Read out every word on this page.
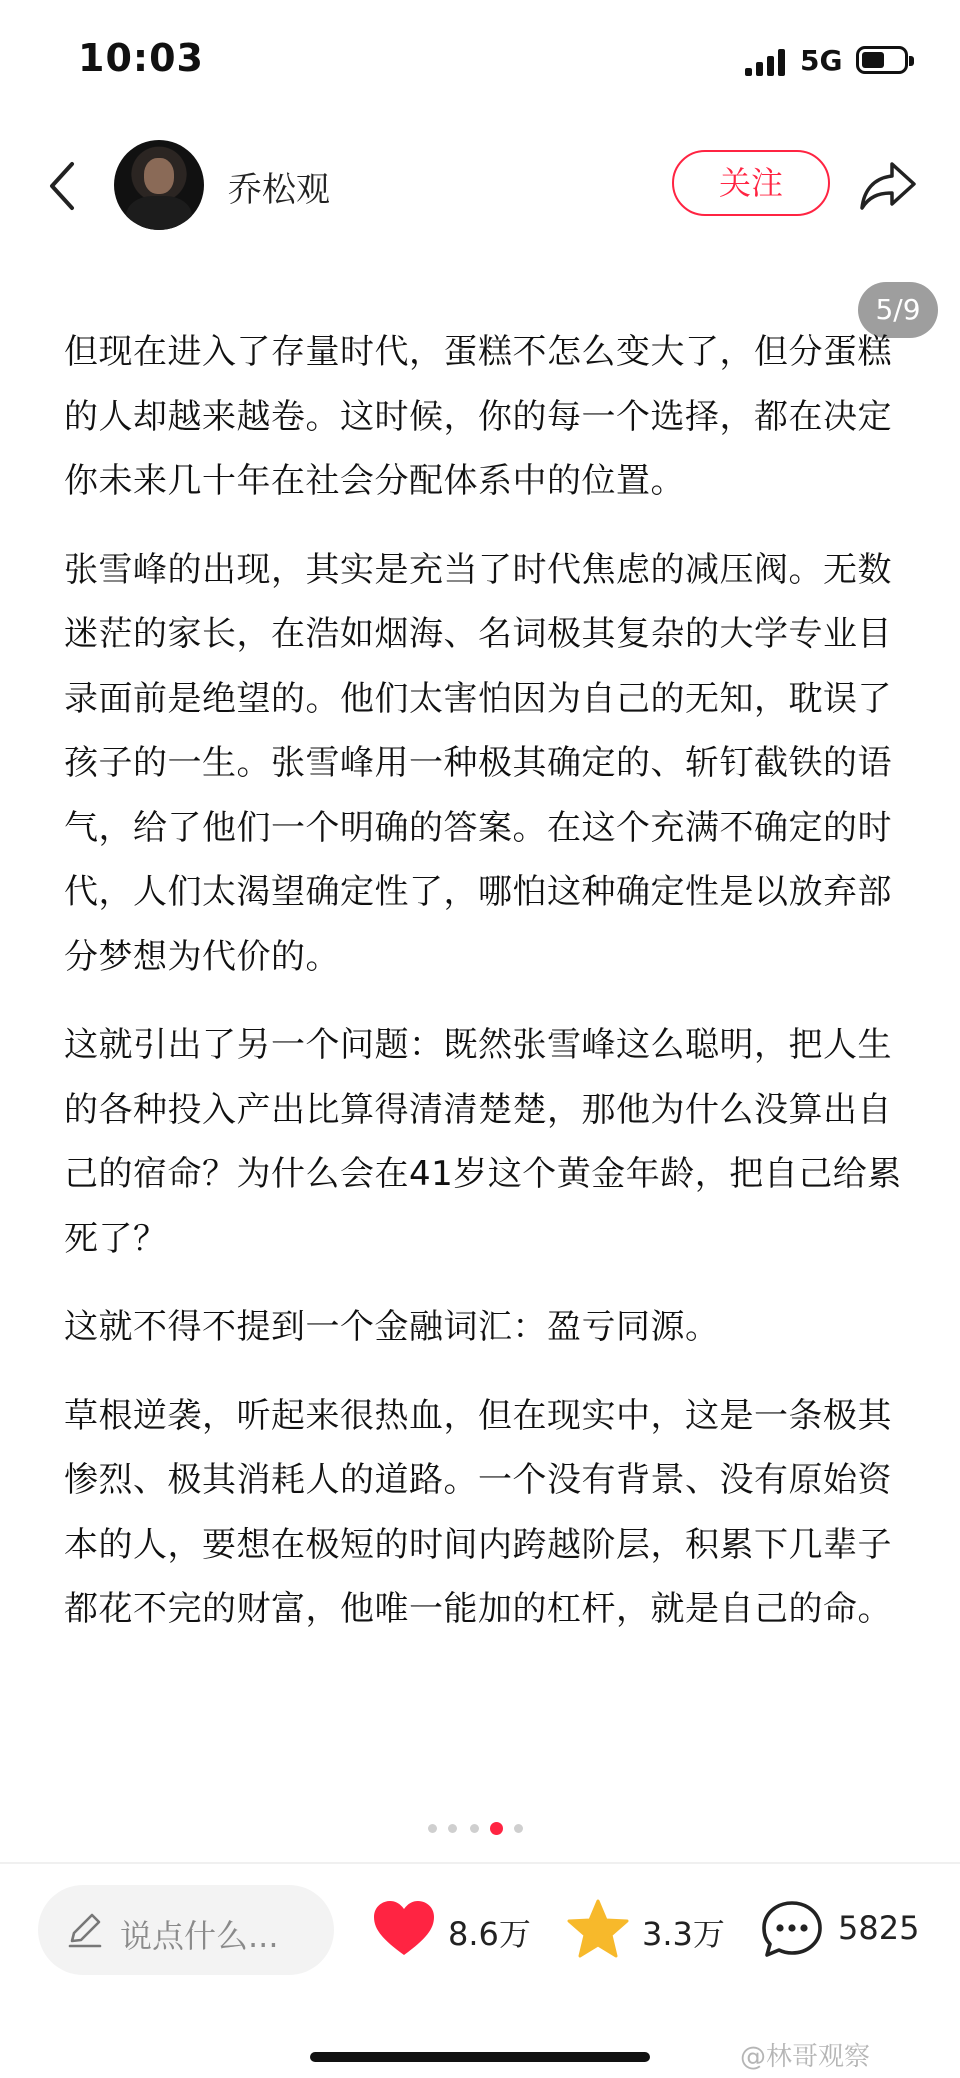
10:03	5G
乔松观	关注
5/9

但现在进入了存量时代，蛋糕不怎么变大了，但分蛋糕的人却越来越卷。这时候，你的每一个选择，都在决定你未来几十年在社会分配体系中的位置。

张雪峰的出现，其实是充当了时代焦虑的减压阀。无数迷茫的家长，在浩如烟海、名词极其复杂的大学专业目录面前是绝望的。他们太害怕因为自己的无知，耽误了孩子的一生。张雪峰用一种极其确定的、斩钉截铁的语气，给了他们一个明确的答案。在这个充满不确定的时代，人们太渴望确定性了，哪怕这种确定性是以放弃部分梦想为代价的。

这就引出了另一个问题：既然张雪峰这么聪明，把人生的各种投入产出比算得清清楚楚，那他为什么没算出自己的宿命？为什么会在41岁这个黄金年龄，把自己给累死了？

这就不得不提到一个金融词汇：盈亏同源。

草根逆袭，听起来很热血，但在现实中，这是一条极其惨烈、极其消耗人的道路。一个没有背景、没有原始资本的人，要想在极短的时间内跨越阶层，积累下几辈子都花不完的财富，他唯一能加的杠杆，就是自己的命。

说点什么...	8.6万	3.3万	5825
@林哥观察
